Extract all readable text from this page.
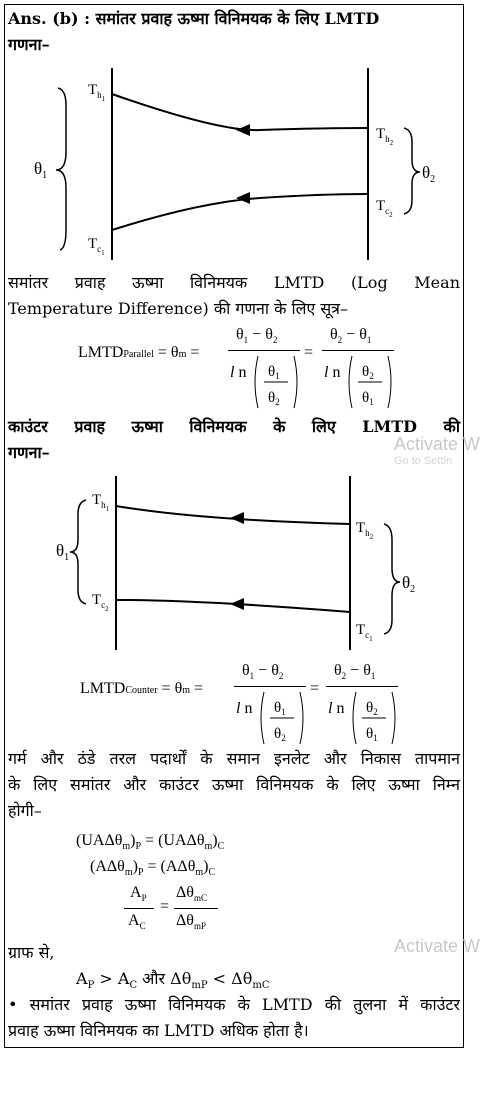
Ans. (b) : समांतर प्रवाह ऊष्मा विनिमयक के लिए LMTD
गणना–
$\theta_1$
$T_{h1}$
$T_{c1}$
$T_{h2}$
$T_{c2}$
$\theta_2$
समांतर प्रवाह ऊष्मा विनिमयक LMTD (Log Mean
Temperature Difference) की गणना के लिए सूत्र–
LMTDParallel = θm =
$\theta_1 - \theta_2$
l n $\theta_1$
$\theta_2$
=
$\theta_2 - \theta_1$
l n $\theta_2$
$\theta_1$
काउंटर प्रवाह ऊष्मा विनिमयक के लिए LMTD की
गणना–
$\theta_1$
$T_{h1}$
$T_{c2}$
$T_{h2}$
$T_{c1}$
$\theta_2$
LMTDCounter = θm =
$\theta_1 - \theta_2$
l n $\theta_1$
$\theta_2$
=
$\theta_2 - \theta_1$
l n $\theta_2$
$\theta_1$
गर्म और ठंडे तरल पदार्थों के समान इनलेट और निकास तापमान
के लिए समांतर और काउंटर ऊष्मा विनिमयक के लिए ऊष्मा निम्न
होगी–
$(UA\Delta\theta_m)_P = (UA\Delta\theta_m)_C$
$(A\Delta\theta_m)_P = (A\Delta\theta_m)_C$
$A_P$
$A_C$
=
$\Delta\theta_{mC}$
$\Delta\theta_{mP}$
ग्राफ से,
$A_P > A_C$ और $\Delta\theta_{mP} < \Delta\theta_{mC}$
• समांतर प्रवाह ऊष्मा विनिमयक के LMTD की तुलना में काउंटर
प्रवाह ऊष्मा विनिमयक का LMTD अधिक होता है।
Activate W
Go to Settin
Activate W
